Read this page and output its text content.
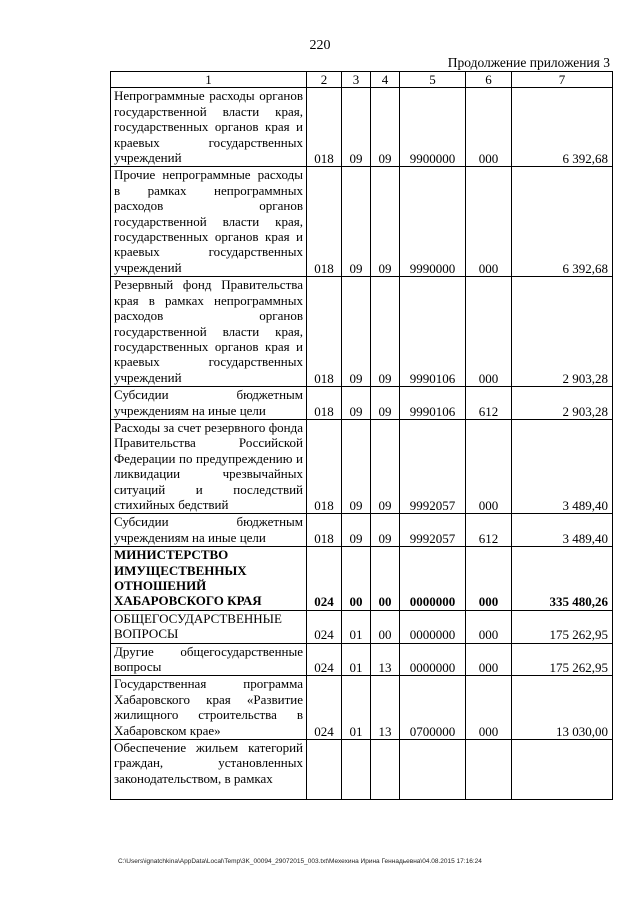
220
Продолжение приложения 3
1	2	3	4	5	6	7
Непрограммные расходы органов государственной власти края, государственных органов края и краевых государственных учреждений	018	09	09	9900000	000	6 392,68
Прочие непрограммные расходы в рамках непрограммных расходов органов государственной власти края, государственных органов края и краевых государственных учреждений	018	09	09	9990000	000	6 392,68
Резервный фонд Правительства края в рамках непрограммных расходов органов государственной власти края, государственных органов края и краевых государственных учреждений	018	09	09	9990106	000	2 903,28
Субсидии бюджетным учреждениям на иные цели	018	09	09	9990106	612	2 903,28
Расходы за счет резервного фонда Правительства Российской Федерации по предупреждению и ликвидации чрезвычайных ситуаций и последствий стихийных бедствий	018	09	09	9992057	000	3 489,40
Субсидии бюджетным учреждениям на иные цели	018	09	09	9992057	612	3 489,40
МИНИСТЕРСТВО ИМУЩЕСТВЕННЫХ ОТНОШЕНИЙ ХАБАРОВСКОГО КРАЯ	024	00	00	0000000	000	335 480,26
ОБЩЕГОСУДАРСТВЕННЫЕ ВОПРОСЫ	024	01	00	0000000	000	175 262,95
Другие общегосударственные вопросы	024	01	13	0000000	000	175 262,95
Государственная программа Хабаровского края «Развитие жилищного строительства в Хабаровском крае»	024	01	13	0700000	000	13 030,00
Обеспечение жильем категорий граждан, установленных законодательством, в рамках						
C:\Users\ignatchkina\AppData\Local\Temp\3K_00094_29072015_003.txt\Мехехина Ирина Геннадьевна\04.08.2015 17:16:24
